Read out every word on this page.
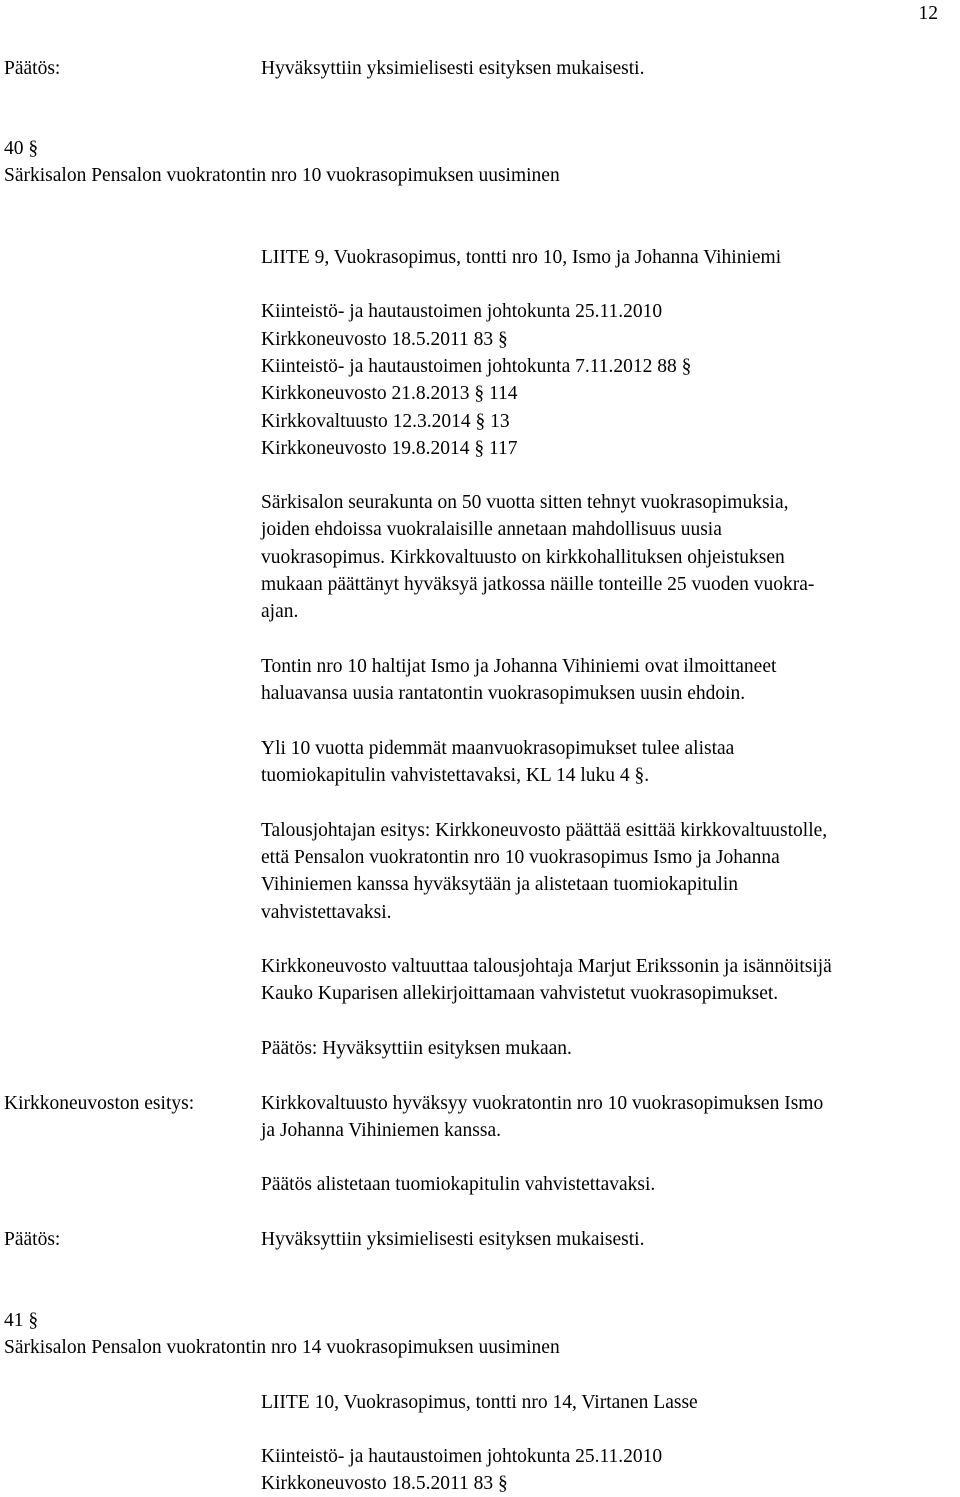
12
Päätös:	Hyväksyttiin yksimielisesti esityksen mukaisesti.
40 §
Särkisalon Pensalon vuokratontin nro 10 vuokrasopimuksen uusiminen
LIITE 9, Vuokrasopimus, tontti nro 10, Ismo ja Johanna Vihiniemi
Kiinteistö- ja hautaustoimen johtokunta 25.11.2010
Kirkkoneuvosto 18.5.2011 83 §
Kiinteistö- ja hautaustoimen johtokunta 7.11.2012 88 §
Kirkkoneuvosto 21.8.2013 § 114
Kirkkovaltuusto 12.3.2014 § 13
Kirkkoneuvosto 19.8.2014 § 117
Särkisalon seurakunta on 50 vuotta sitten tehnyt vuokrasopimuksia,
joiden ehdoissa vuokralaisille annetaan mahdollisuus uusia
vuokrasopimus. Kirkkovaltuusto on kirkkohallituksen ohjeistuksen
mukaan päättänyt hyväksyä jatkossa näille tonteille 25 vuoden vuokra-
ajan.
Tontin nro 10 haltijat Ismo ja Johanna Vihiniemi ovat ilmoittaneet
haluavansa uusia rantatontin vuokrasopimuksen uusin ehdoin.
Yli 10 vuotta pidemmät maanvuokrasopimukset tulee alistaa
tuomiokapitulin vahvistettavaksi, KL 14 luku 4 §.
Talousjohtajan esitys: Kirkkoneuvosto päättää esittää kirkkovaltuustolle,
että Pensalon vuokratontin nro 10 vuokrasopimus Ismo ja Johanna
Vihiniemen kanssa hyväksytään ja alistetaan tuomiokapitulin
vahvistettavaksi.
Kirkkoneuvosto valtuuttaa talousjohtaja Marjut Erikssonin ja isännöitsijä
Kauko Kuparisen allekirjoittamaan vahvistetut vuokrasopimukset.
Päätös: Hyväksyttiin esityksen mukaan.
Kirkkoneuvoston esitys:	Kirkkovaltuusto hyväksyy vuokratontin nro 10 vuokrasopimuksen Ismo
ja Johanna Vihiniemen kanssa.
Päätös alistetaan tuomiokapitulin vahvistettavaksi.
Päätös:	Hyväksyttiin yksimielisesti esityksen mukaisesti.
41 §
Särkisalon Pensalon vuokratontin nro 14 vuokrasopimuksen uusiminen
LIITE 10, Vuokrasopimus, tontti nro 14, Virtanen Lasse
Kiinteistö- ja hautaustoimen johtokunta 25.11.2010
Kirkkoneuvosto 18.5.2011 83 §
